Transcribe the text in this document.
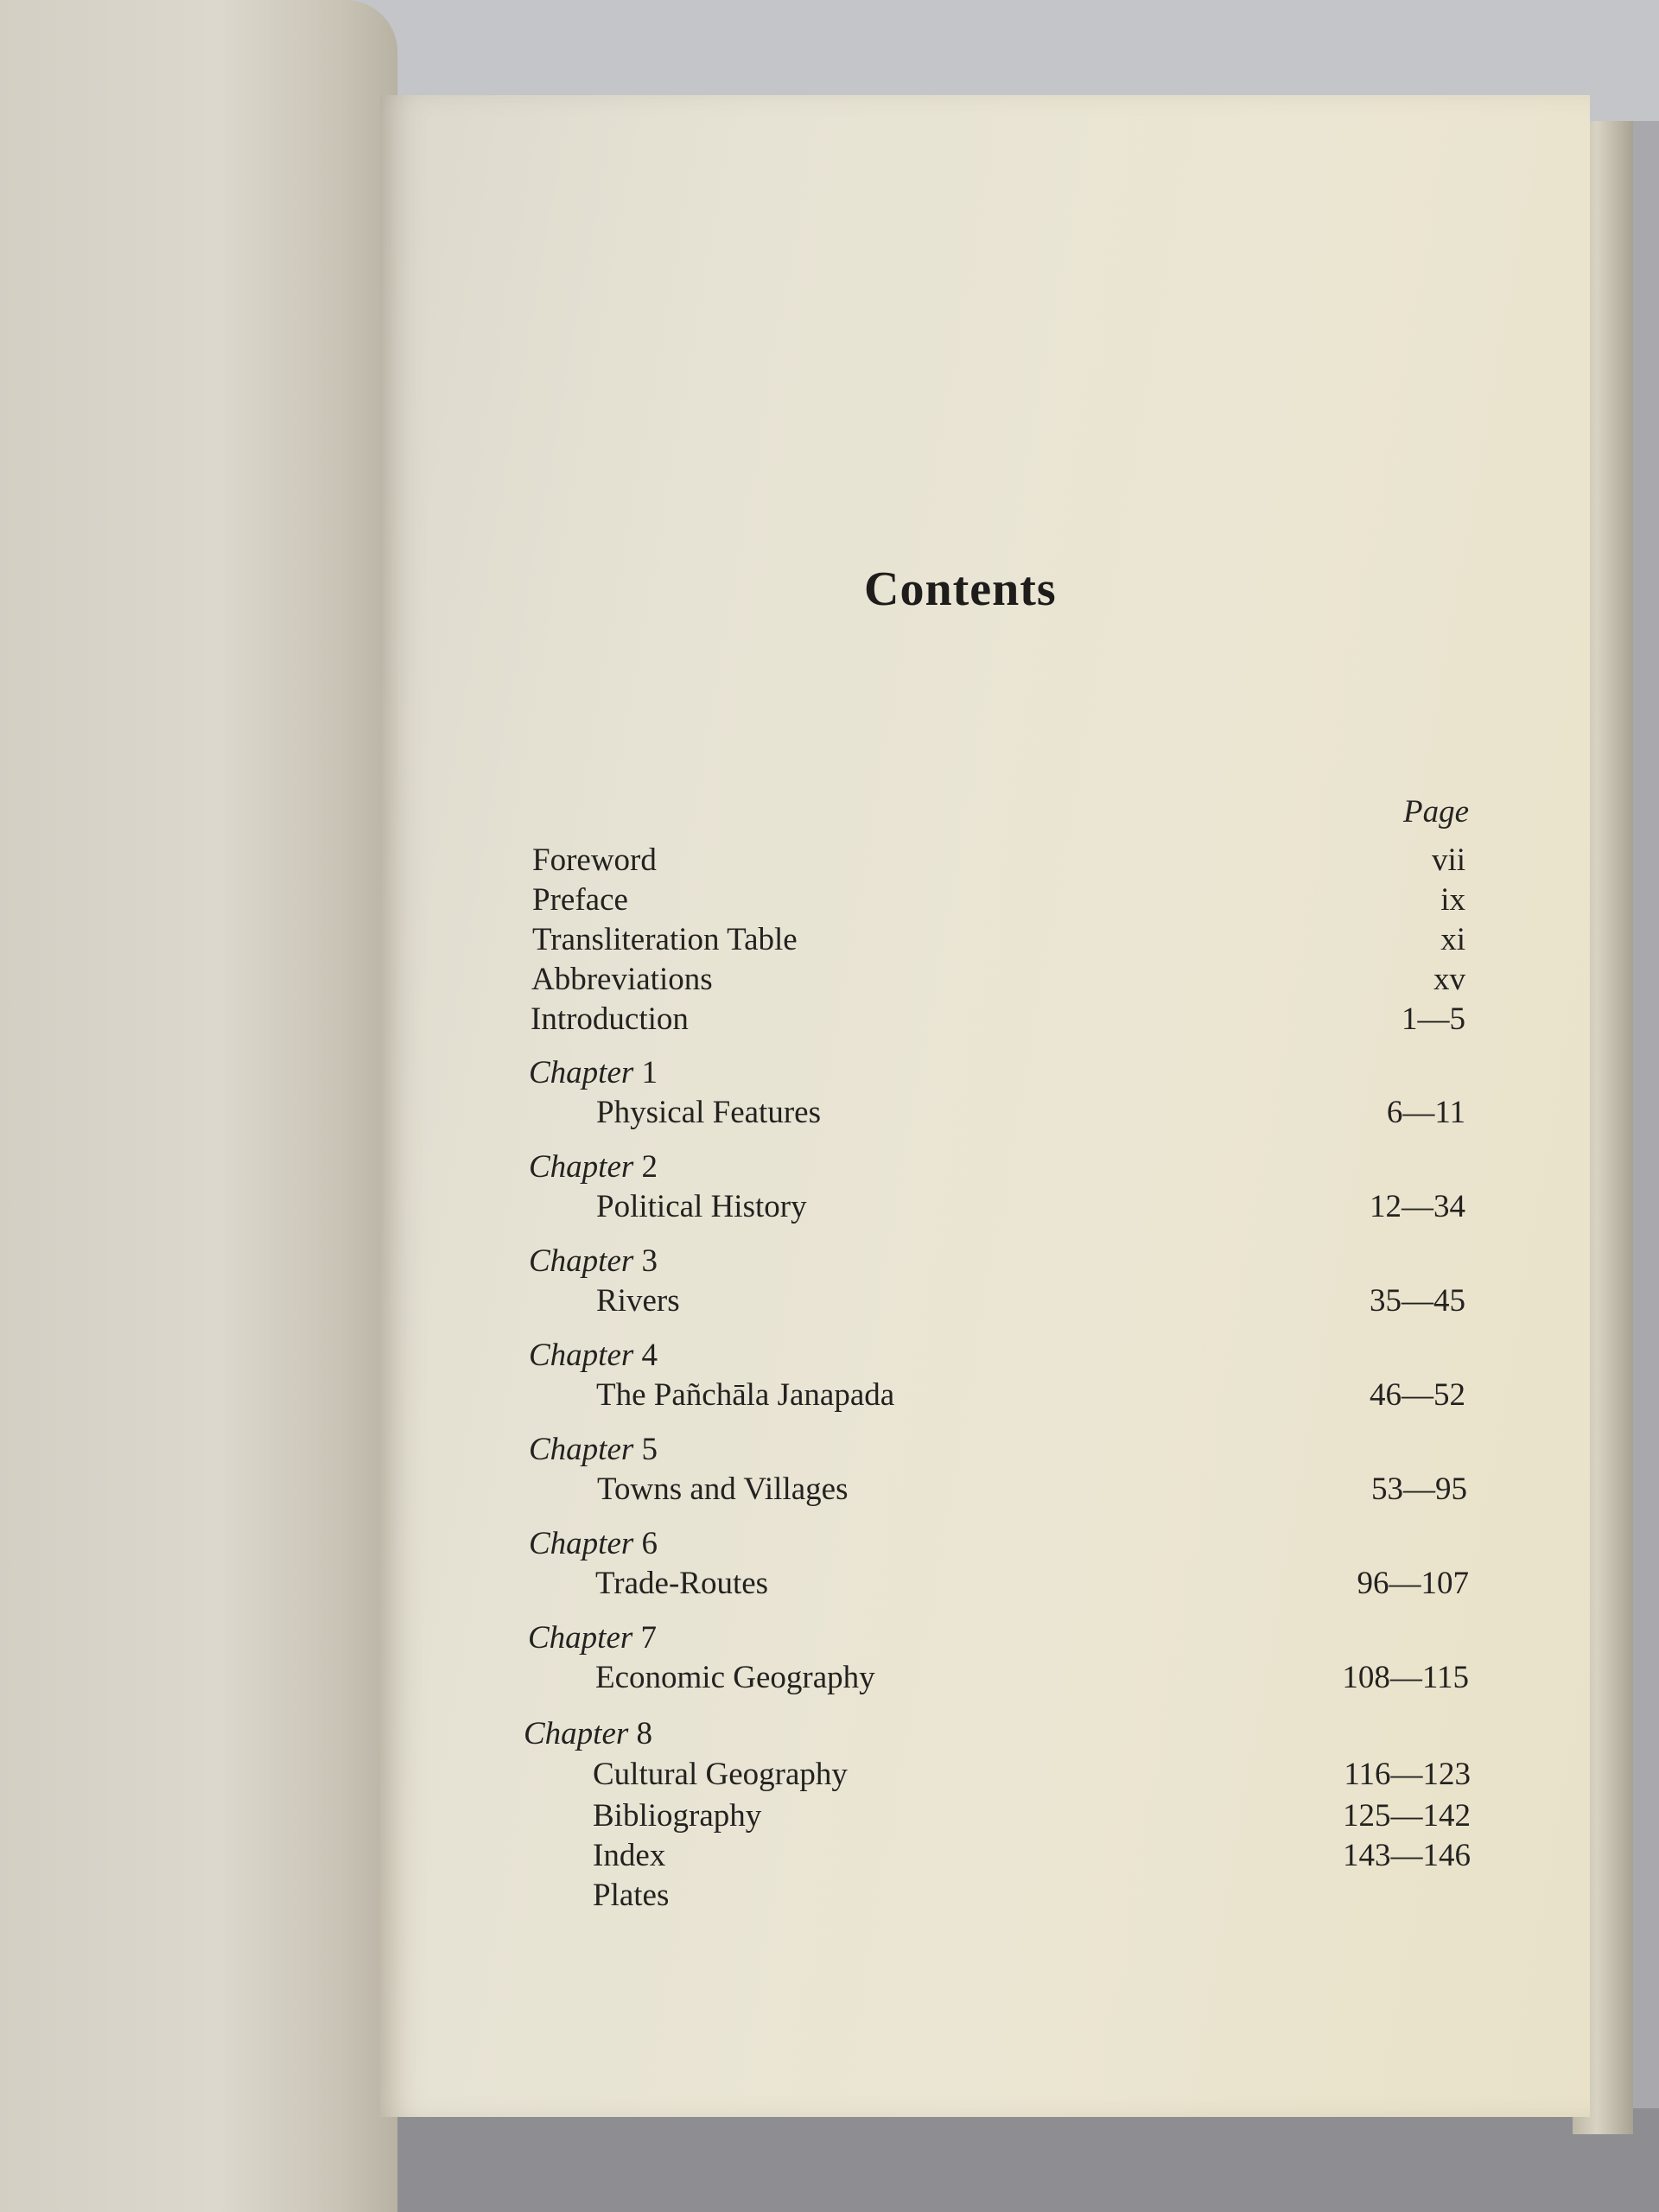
Contents
Page
Foreword	vii
Preface	ix
Transliteration Table	xi
Abbreviations	xv
Introduction	1—5
Chapter 1
Physical Features	6—11
Chapter 2
Political History	12—34
Chapter 3
Rivers	35—45
Chapter 4
The Pañchāla Janapada	46—52
Chapter 5
Towns and Villages	53—95
Chapter 6
Trade-Routes	96—107
Chapter 7
Economic Geography	108—115
Chapter 8
Cultural Geography	116—123
Bibliography	125—142
Index	143—146
Plates
